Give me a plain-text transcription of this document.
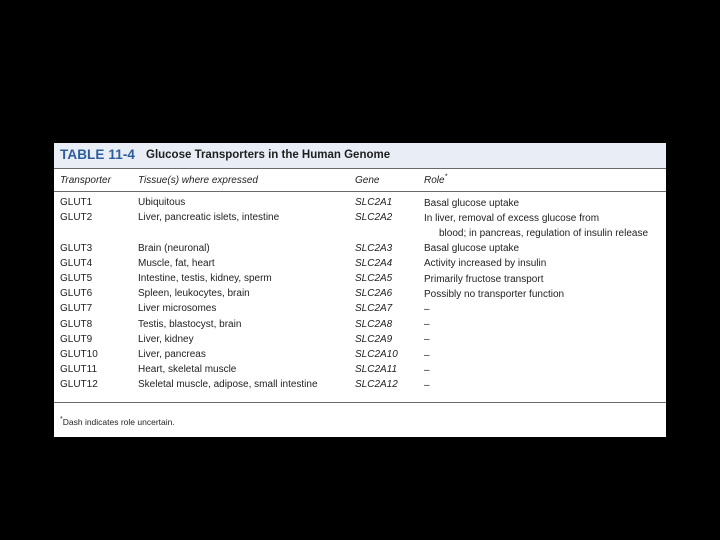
TABLE 11-4 Glucose Transporters in the Human Genome
Transporter	Tissue(s) where expressed	Gene	Role*
GLUT1	Ubiquitous	SLC2A1	Basal glucose uptake
GLUT2	Liver, pancreatic islets, intestine	SLC2A2	In liver, removal of excess glucose from
blood; in pancreas, regulation of insulin release
GLUT3	Brain (neuronal)	SLC2A3	Basal glucose uptake
GLUT4	Muscle, fat, heart	SLC2A4	Activity increased by insulin
GLUT5	Intestine, testis, kidney, sperm	SLC2A5	Primarily fructose transport
GLUT6	Spleen, leukocytes, brain	SLC2A6	Possibly no transporter function
GLUT7	Liver microsomes	SLC2A7	–
GLUT8	Testis, blastocyst, brain	SLC2A8	–
GLUT9	Liver, kidney	SLC2A9	–
GLUT10	Liver, pancreas	SLC2A10	–
GLUT11	Heart, skeletal muscle	SLC2A11	–
GLUT12	Skeletal muscle, adipose, small intestine	SLC2A12	–
*Dash indicates role uncertain.
